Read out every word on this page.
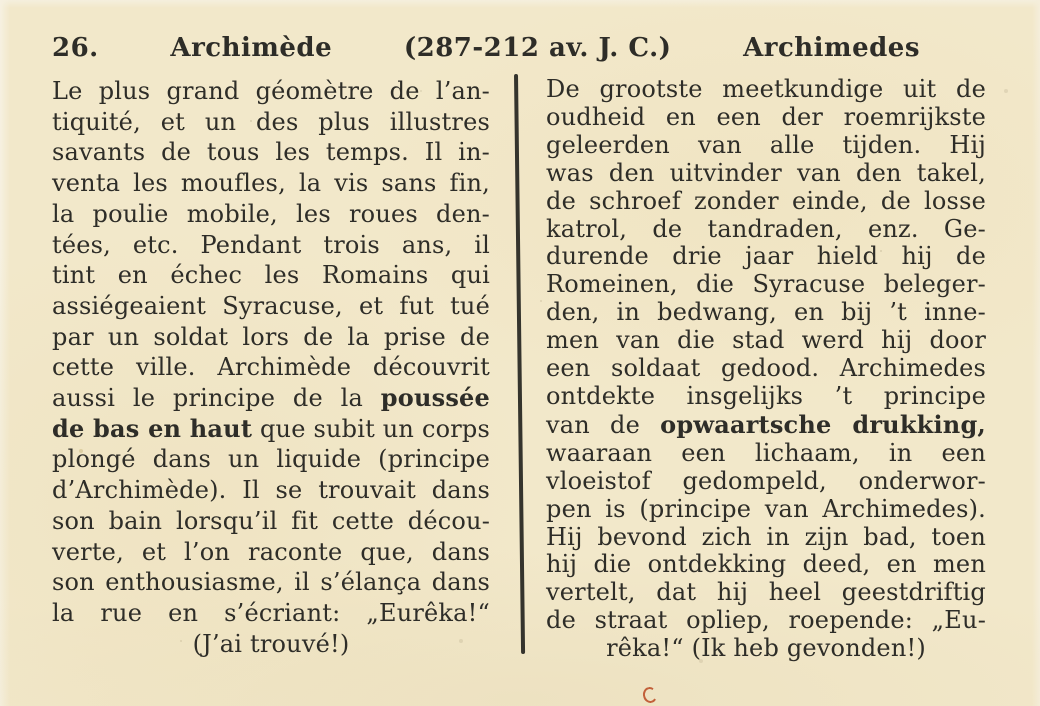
26.	Archimède	(287-212 av. J. C.)	Archimedes
Le plus grand géomètre de l’an-
tiquité, et un des plus illustres
savants de tous les temps. Il in-
venta les moufles, la vis sans fin,
la poulie mobile, les roues den-
tées, etc. Pendant trois ans, il
tint en échec les Romains qui
assiégeaient Syracuse, et fut tué
par un soldat lors de la prise de
cette ville. Archimède découvrit
aussi le principe de la poussée
de bas en haut que subit un corps
plongé dans un liquide (principe
d’Archimède). Il se trouvait dans
son bain lorsqu’il fit cette décou-
verte, et l’on raconte que, dans
son enthousiasme, il s’élança dans
la rue en s’écriant: „Eurêka!“
(J’ai trouvé!)
De grootste meetkundige uit de
oudheid en een der roemrijkste
geleerden van alle tijden. Hij
was den uitvinder van den takel,
de schroef zonder einde, de losse
katrol, de tandraden, enz. Ge-
durende drie jaar hield hij de
Romeinen, die Syracuse beleger-
den, in bedwang, en bij ’t inne-
men van die stad werd hij door
een soldaat gedood. Archimedes
ontdekte insgelijks ’t principe
van de opwaartsche drukking,
waaraan een lichaam, in een
vloeistof gedompeld, onderwor-
pen is (principe van Archimedes).
Hij bevond zich in zijn bad, toen
hij die ontdekking deed, en men
vertelt, dat hij heel geestdriftig
de straat opliep, roepende: „Eu-
rêka!“ (Ik heb gevonden!)
